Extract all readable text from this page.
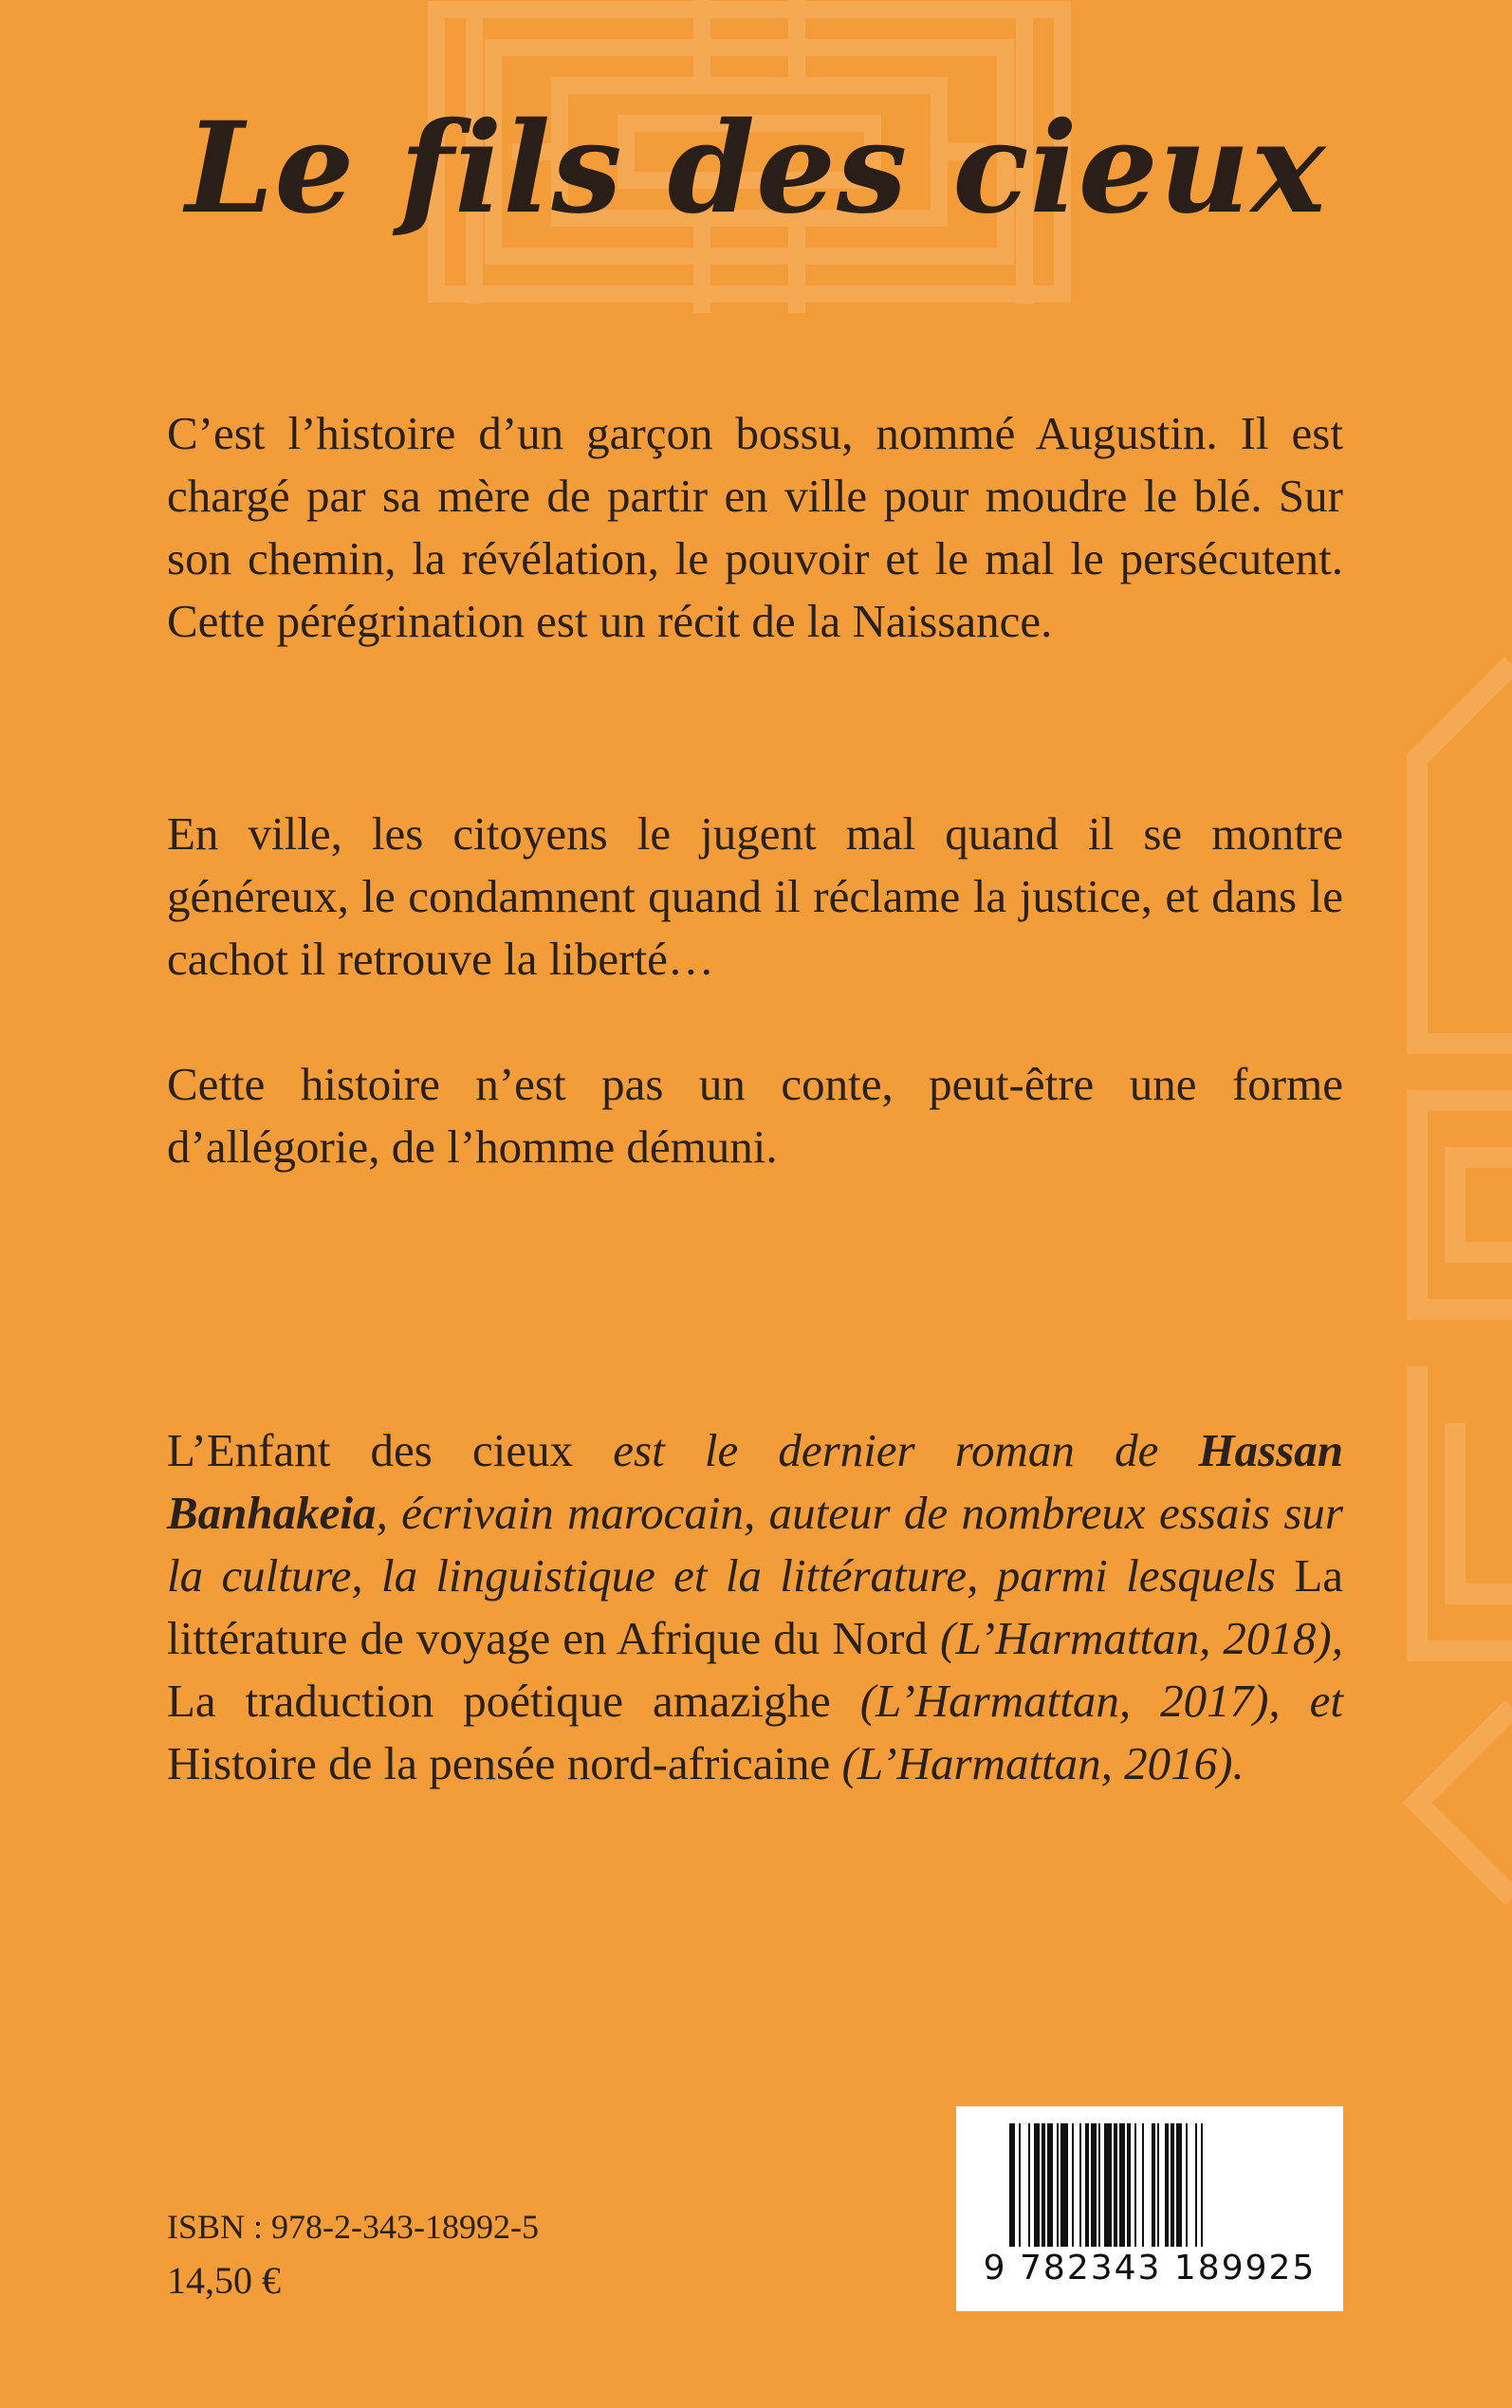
Le fils des cieux

C’est l’histoire d’un garçon bossu, nommé Augustin. Il est chargé par sa mère de partir en ville pour moudre le blé. Sur son chemin, la révélation, le pouvoir et le mal le persécutent. Cette pérégrination est un récit de la Naissance.

En ville, les citoyens le jugent mal quand il se montre généreux, le condamnent quand il réclame la justice, et dans le cachot il retrouve la liberté…

Cette histoire n’est pas un conte, peut-être une forme d’allégorie, de l’homme démuni.

L’Enfant des cieux est le dernier roman de Hassan Banhakeia, écrivain marocain, auteur de nombreux essais sur la culture, la linguistique et la littérature, parmi lesquels La littérature de voyage en Afrique du Nord (L’Harmattan, 2018), La traduction poétique amazighe (L’Harmattan, 2017), et Histoire de la pensée nord-africaine (L’Harmattan, 2016).

ISBN : 978-2-343-18992-5

14,50 €	9 782343 189925
